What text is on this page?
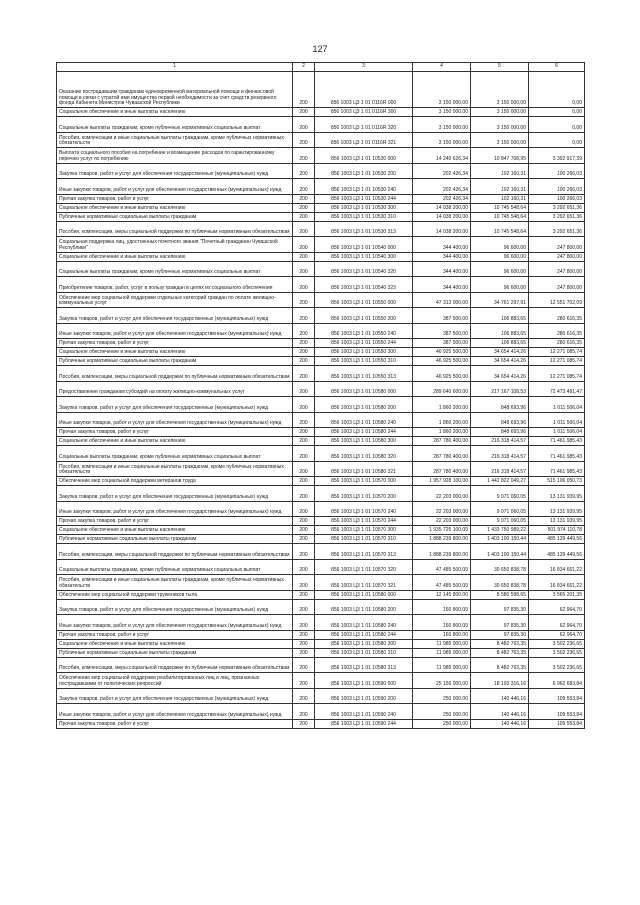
127
1	2	3	4	5	6
Оказание пострадавшим гражданам единовременной материальной помощи и финансовой помощи в связи с утратой ими имущества первой необходимости за счет средств резервного фонда Кабинета Министров Чувашской Республики	200	856 1003 Ц3 1 01 0116R 000	3 150 000,00	3 150 000,00	0,00
Социальное обеспечение и иные выплаты населению	200	856 1003 Ц3 1 01 0116R 300	3 150 000,00	3 150 000,00	0,00
Социальные выплаты гражданам, кроме публичных нормативных социальных выплат	200	856 1003 Ц3 1 01 0116R 320	3 150 000,00	3 150 000,00	0,00
Пособия, компенсации и иные социальные выплаты гражданам, кроме публичных нормативных обязательств	200	856 1003 Ц3 1 01 0116R 321	3 150 000,00	3 150 000,00	0,00
Выплата социального пособия на погребение и возмещение расходов по гарантированному перечню услуг по погребению	200	856 1003 Ц3 1 01 10530 000	14 240 626,34	10 847 708,95	3 392 917,39
Закупка товаров, работ и услуг для обеспечения государственных (муниципальных) нужд	200	856 1003 Ц3 1 01 10530 200	202 426,34	102 160,31	100 266,03
Иные закупки товаров, работ и услуг для обеспечения государственных (муниципальных) нужд	200	856 1003 Ц3 1 01 10530 240	202 426,34	102 160,31	100 266,03
Прочая закупка товаров, работ и услуг	200	856 1003 Ц3 1 01 10530 244	202 426,34	102 160,31	100 266,03
Социальное обеспечение и иные выплаты населению	200	856 1003 Ц3 1 01 10530 300	14 038 200,00	10 745 548,64	3 292 651,36
Публичные нормативные социальные выплаты гражданам	200	856 1003 Ц3 1 01 10530 310	14 038 200,00	10 745 548,64	3 292 651,36
Пособия, компенсации, меры социальной поддержки по публичным нормативным обязательствам	200	856 1003 Ц3 1 01 10530 313	14 038 200,00	10 745 548,64	3 292 651,36
Социальная поддержка лиц, удостоенных почетного звания "Почетный гражданин Чувашской Республики"	200	856 1003 Ц3 1 01 10540 000	344 400,00	96 600,00	247 800,00
Социальное обеспечение и иные выплаты населению	200	856 1003 Ц3 1 01 10540 300	344 400,00	96 600,00	247 800,00
Социальные выплаты гражданам, кроме публичных нормативных социальных выплат	200	856 1003 Ц3 1 01 10540 320	344 400,00	96 600,00	247 800,00
Приобретение товаров, работ, услуг в пользу граждан в целях их социального обеспечения	200	856 1003 Ц3 1 01 10540 323	344 400,00	96 600,00	247 800,00
Обеспечение мер социальной поддержки отдельных категорий граждан по оплате жилищно-коммунальных услуг	200	856 1003 Ц3 1 01 10550 000	47 313 000,00	34 761 297,91	12 551 702,09
Закупка товаров, работ и услуг для обеспечения государственных (муниципальных) нужд	200	856 1003 Ц3 1 01 10550 200	387 500,00	106 883,65	280 616,35
Иные закупки товаров, работ и услуг для обеспечения государственных (муниципальных) нужд	200	856 1003 Ц3 1 01 10550 240	387 500,00	106 883,65	280 616,35
Прочая закупка товаров, работ и услуг	200	856 1003 Ц3 1 01 10550 244	387 500,00	106 883,65	280 616,35
Социальное обеспечение и иные выплаты населению	200	856 1003 Ц3 1 01 10550 300	46 925 500,00	34 654 414,26	12 271 085,74
Публичные нормативные социальные выплаты гражданам	200	856 1003 Ц3 1 01 10550 310	46 925 500,00	34 654 414,26	12 271 085,74
Пособия, компенсации, меры социальной поддержки по публичным нормативным обязательствам	200	856 1003 Ц3 1 01 10550 313	46 925 500,00	34 654 414,26	12 271 085,74
Предоставление гражданам субсидий на оплату жилищно-коммунальных услуг	200	856 1003 Ц3 1 01 10580 000	289 640 600,00	217 167 108,53	72 473 491,47
Закупка товаров, работ и услуг для обеспечения государственных (муниципальных) нужд	200	856 1003 Ц3 1 01 10580 200	1 860 200,00	848 693,96	1 011 506,04
Иные закупки товаров, работ и услуг для обеспечения государственных (муниципальных) нужд	200	856 1003 Ц3 1 01 10580 240	1 860 200,00	848 693,96	1 011 506,04
Прочая закупка товаров, работ и услуг	200	856 1003 Ц3 1 01 10580 244	1 860 200,00	848 693,96	1 011 506,04
Социальное обеспечение и иные выплаты населению	200	856 1003 Ц3 1 01 10580 300	287 780 400,00	216 318 414,57	71 461 985,43
Социальные выплаты гражданам, кроме публичных нормативных социальных выплат	200	856 1003 Ц3 1 01 10580 320	287 780 400,00	216 318 414,57	71 461 985,43
Пособия, компенсации и иные социальные выплаты гражданам, кроме публичных нормативных обязательств	200	856 1003 Ц3 1 01 10580 321	287 780 400,00	216 318 414,57	71 461 985,43
Обеспечение мер социальной поддержки ветеранов труда	200	856 1003 Ц3 1 01 10570 000	1 957 928 100,00	1 442 822 049,27	515 106 050,73
Закупка товаров, работ и услуг для обеспечения государственных (муниципальных) нужд	200	856 1003 Ц3 1 01 10570 200	22 203 000,00	9 071 060,05	13 131 939,95
Иные закупки товаров, работ и услуг для обеспечения государственных (муниципальных) нужд	200	856 1003 Ц3 1 01 10570 240	22 203 000,00	9 071 060,05	13 131 939,95
Прочая закупка товаров, работ и услуг	200	856 1003 Ц3 1 01 10570 244	22 203 000,00	9 071 060,05	13 131 939,95
Социальное обеспечение и иные выплаты населению	200	856 1003 Ц3 1 01 10570 300	1 935 725 100,00	1 433 750 989,22	501 974 110,78
Публичные нормативные социальные выплаты гражданам	200	856 1003 Ц3 1 01 10570 310	1 888 239 800,00	1 403 100 150,44	485 139 449,56
Пособия, компенсации, меры социальной поддержки по публичным нормативным обязательствам	200	856 1003 Ц3 1 01 10570 313	1 888 239 800,00	1 403 100 150,44	485 139 449,56
Социальные выплаты гражданам, кроме публичных нормативных социальных выплат	200	856 1003 Ц3 1 01 10570 320	47 485 500,00	30 650 838,78	16 834 661,22
Пособия, компенсации и иные социальные выплаты гражданам, кроме публичных нормативных обязательств	200	856 1003 Ц3 1 01 10570 321	47 485 500,00	30 650 838,78	16 834 661,22
Обеспечение мер социальной поддержки тружеников тыла	200	856 1003 Ц3 1 01 10580 000	12 145 800,00	8 580 598,65	3 565 201,35
Закупка товаров, работ и услуг для обеспечения государственных (муниципальных) нужд	200	856 1003 Ц3 1 01 10580 200	160 800,00	97 835,30	62 964,70
Иные закупки товаров, работ и услуг для обеспечения государственных (муниципальных) нужд	200	856 1003 Ц3 1 01 10580 240	160 800,00	97 835,30	62 964,70
Прочая закупка товаров, работ и услуг	200	856 1003 Ц3 1 01 10580 244	160 800,00	97 835,30	62 964,70
Социальное обеспечение и иные выплаты населению	200	856 1003 Ц3 1 01 10580 300	11 985 000,00	8 482 763,35	3 502 236,65
Публичные нормативные социальные выплаты гражданам	200	856 1003 Ц3 1 01 10580 310	11 985 000,00	8 482 763,35	3 502 236,65
Пособия, компенсации, меры социальной поддержки по публичным нормативным обязательствам	200	856 1003 Ц3 1 01 10580 313	11 985 000,00	8 482 763,35	3 502 236,65
Обеспечение мер социальной поддержки реабилитированных лиц и лиц, признанных пострадавшими от политических репрессий	200	856 1003 Ц3 1 01 10590 000	25 156 000,00	18 193 316,16	6 962 683,84
Закупка товаров, работ и услуг для обеспечения государственных (муниципальных) нужд	200	856 1003 Ц3 1 01 10590 200	250 000,00	140 446,16	109 553,84
Иные закупки товаров, работ и услуг для обеспечения государственных (муниципальных) нужд	200	856 1003 Ц3 1 01 10590 240	250 000,00	140 446,16	109 553,84
Прочая закупка товаров, работ и услуг	200	856 1003 Ц3 1 01 10590 244	250 000,00	140 446,16	109 553,84
